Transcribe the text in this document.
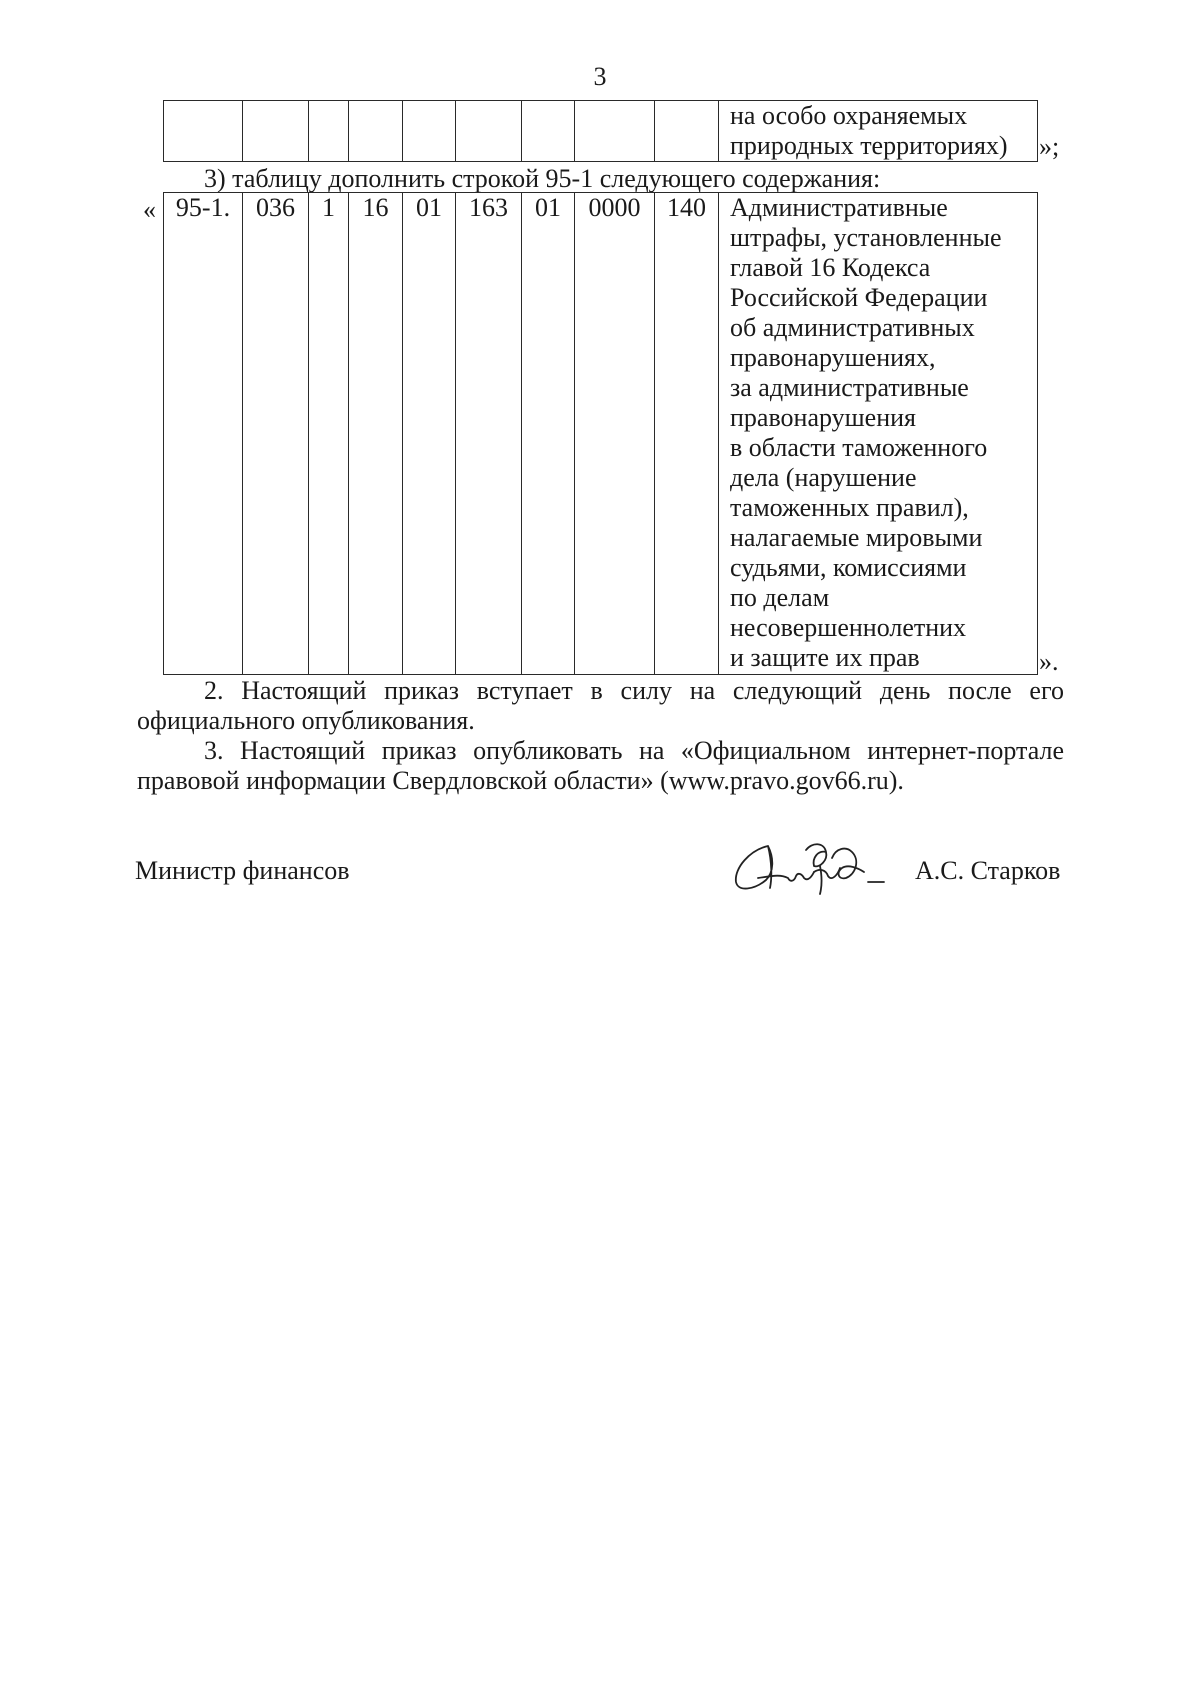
3
									на особо охраняемых
природных территориях) »;
3) таблицу дополнить строкой 95-1 следующего содержания:
« 95-1.	036	1	16	01	163	01	0000	140	Административные
штрафы, установленные
главой 16 Кодекса
Российской Федерации
об административных
правонарушениях,
за административные
правонарушения
в области таможенного
дела (нарушение
таможенных правил),
налагаемые мировыми
судьями, комиссиями
по делам
несовершеннолетних
и защите их прав	».
2. Настоящий приказ вступает в силу на следующий день после его официального опубликования.
3. Настоящий приказ опубликовать на «Официальном интернет-портале правовой информации Свердловской области» (www.pravo.gov66.ru).
Министр финансов	А.С. Старков
